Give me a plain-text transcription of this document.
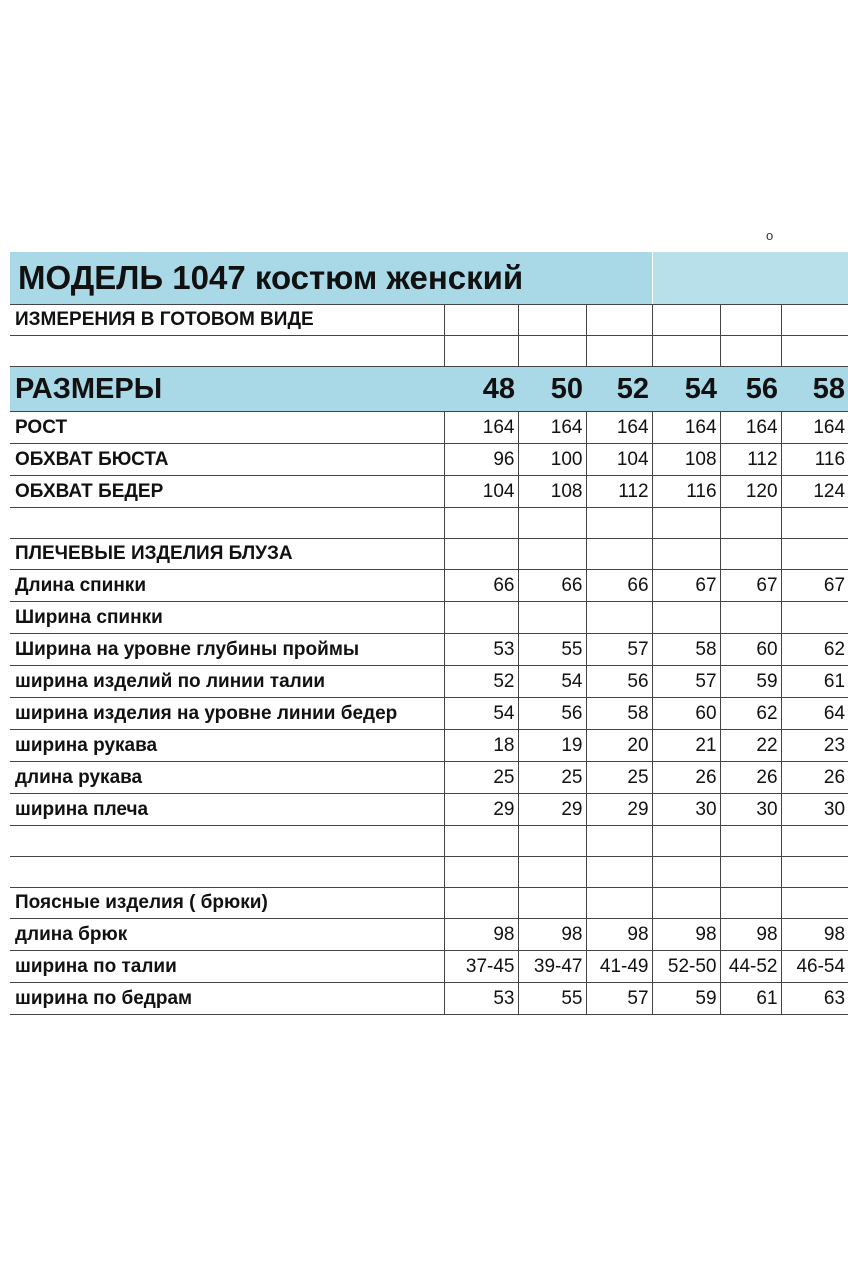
o
МОДЕЛЬ 1047 костюм женский						
ИЗМЕРЕНИЯ В ГОТОВОМ ВИДЕ						

РАЗМЕРЫ	48	50	52	54	56	58
РОСТ	164	164	164	164	164	164
ОБХВАТ БЮСТА	96	100	104	108	112	116
ОБХВАТ БЕДЕР	104	108	112	116	120	124

ПЛЕЧЕВЫЕ ИЗДЕЛИЯ БЛУЗА						
Длина спинки	66	66	66	67	67	67
Ширина спинки						
Ширина на уровне глубины проймы	53	55	57	58	60	62
ширина изделий по линии талии	52	54	56	57	59	61
ширина изделия на уровне линии бедер	54	56	58	60	62	64
ширина рукава	18	19	20	21	22	23
длина рукава	25	25	25	26	26	26
ширина плеча	29	29	29	30	30	30

Поясные изделия ( брюки)						
длина брюк	98	98	98	98	98	98
ширина по талии	37-45	39-47	41-49	52-50	44-52	46-54
ширина по бедрам	53	55	57	59	61	63
